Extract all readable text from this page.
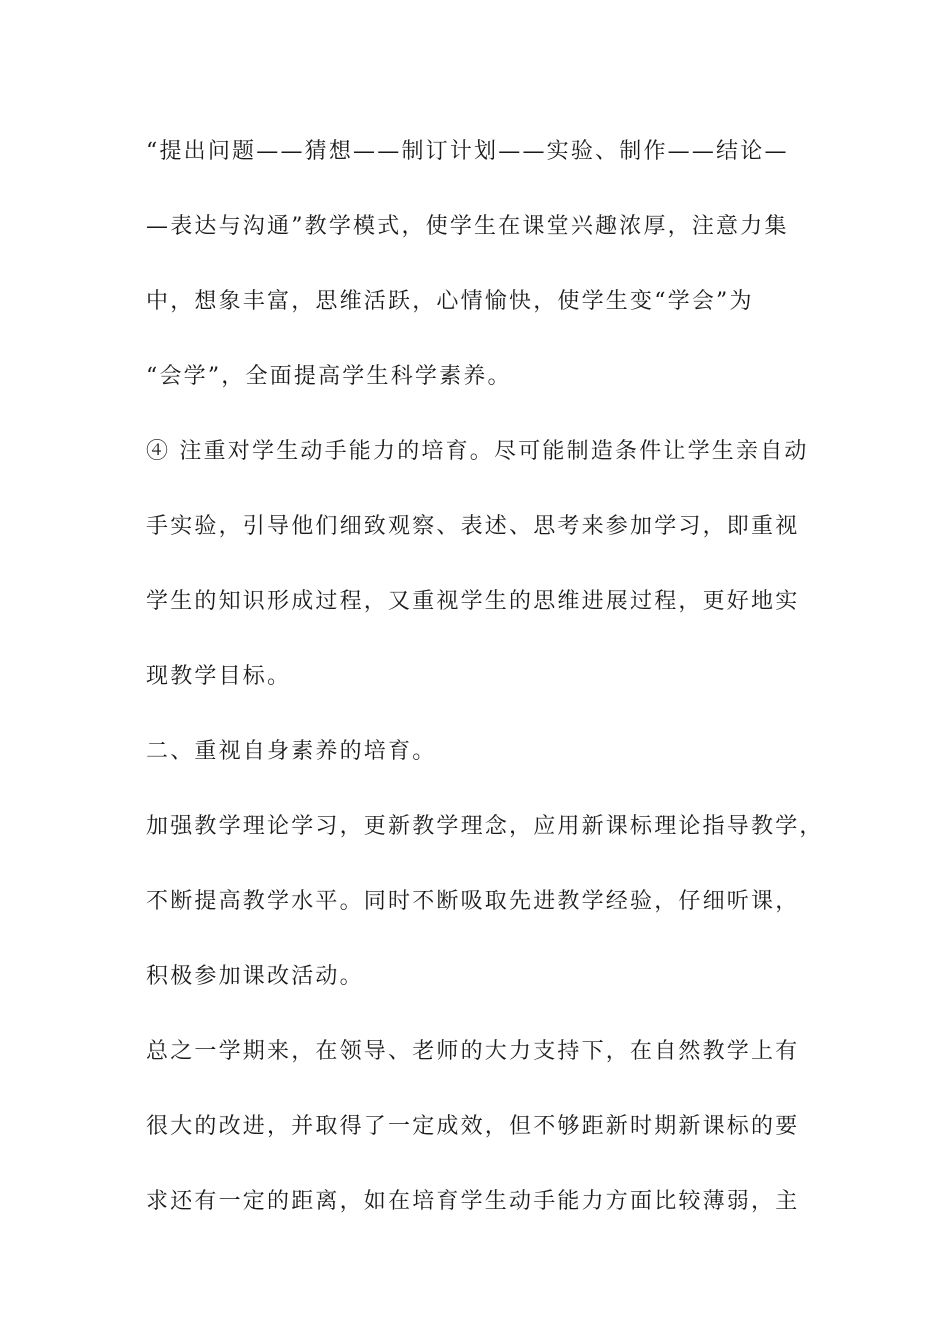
“提出问题——猜想——制订计划——实验、制作——结论—
—表达与沟通”教学模式，使学生在课堂兴趣浓厚，注意力集
中，想象丰富，思维活跃，心情愉快，使学生变“学会”为
“会学”，全面提高学生科学素养。
④ 注重对学生动手能力的培育。尽可能制造条件让学生亲自动
手实验，引导他们细致观察、表述、思考来参加学习，即重视
学生的知识形成过程，又重视学生的思维进展过程，更好地实
现教学目标。
二、重视自身素养的培育。
加强教学理论学习，更新教学理念，应用新课标理论指导教学，
不断提高教学水平。同时不断吸取先进教学经验，仔细听课，
积极参加课改活动。
总之一学期来，在领导、老师的大力支持下，在自然教学上有
很大的改进，并取得了一定成效，但不够距新时期新课标的要
求还有一定的距离，如在培育学生动手能力方面比较薄弱，主
